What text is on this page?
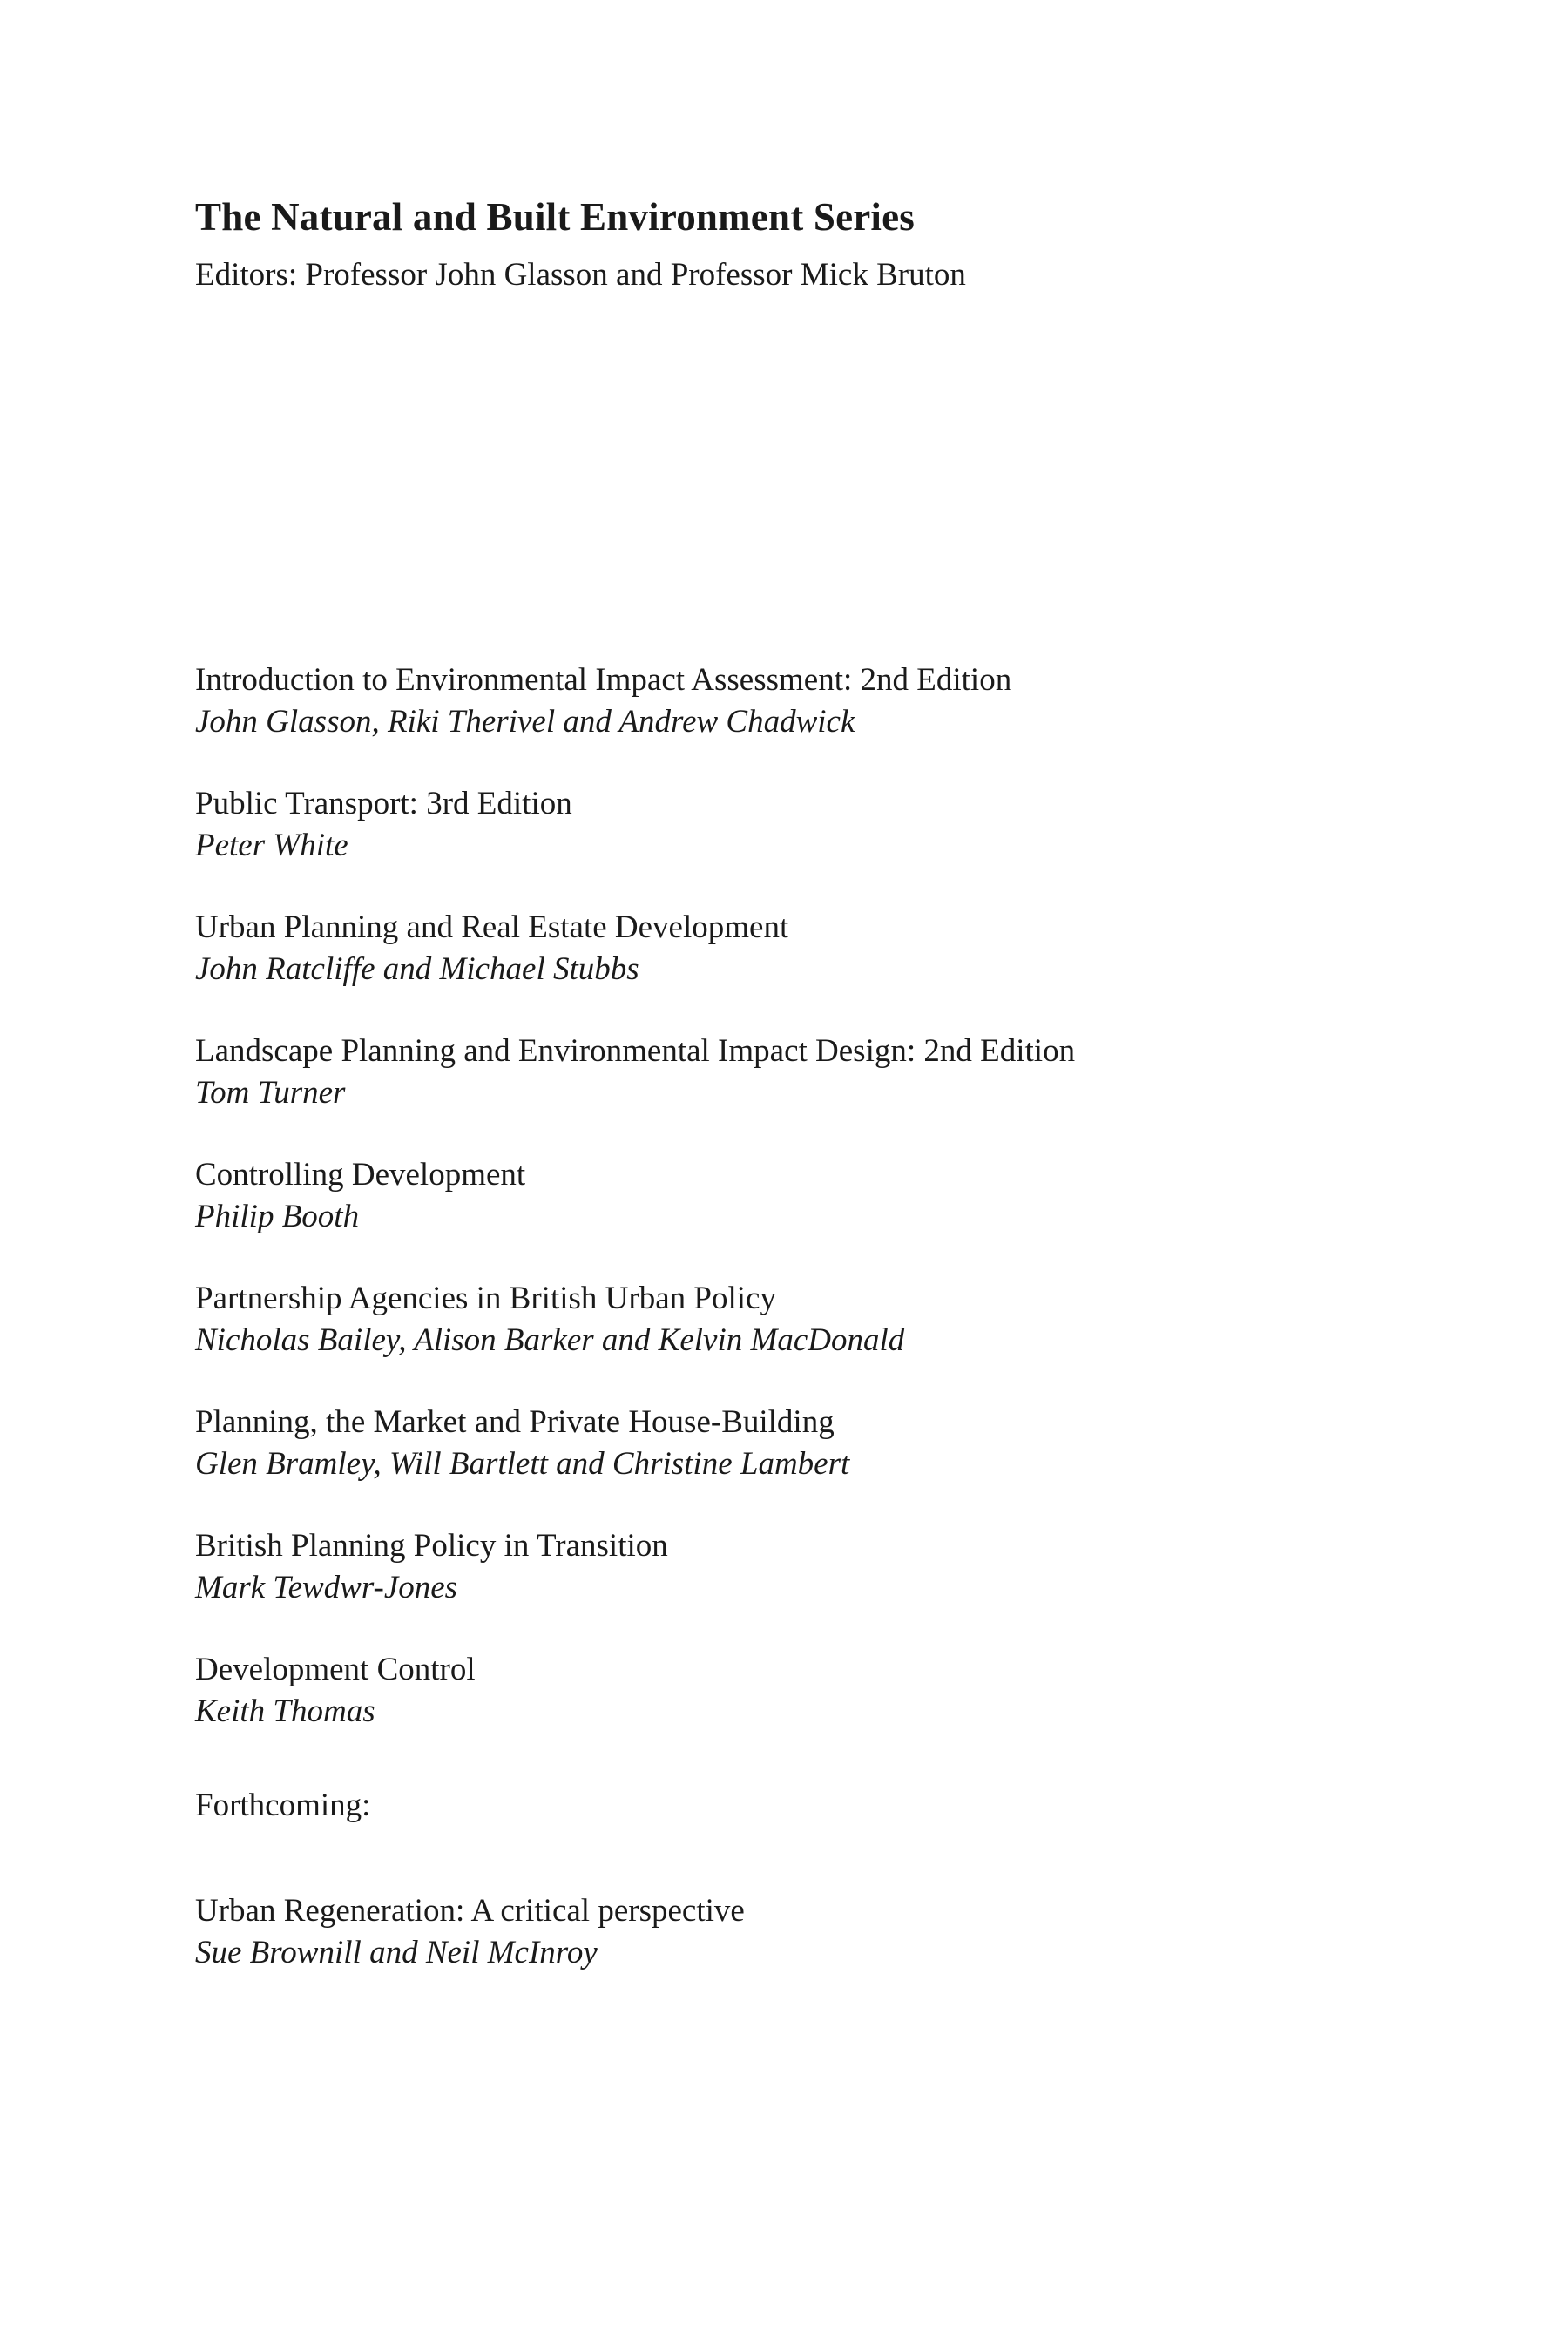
The Natural and Built Environment Series

Editors: Professor John Glasson and Professor Mick Bruton

Introduction to Environmental Impact Assessment: 2nd Edition
John Glasson, Riki Therivel and Andrew Chadwick
Public Transport: 3rd Edition
Peter White
Urban Planning and Real Estate Development
John Ratcliffe and Michael Stubbs
Landscape Planning and Environmental Impact Design: 2nd Edition
Tom Turner
Controlling Development
Philip Booth
Partnership Agencies in British Urban Policy
Nicholas Bailey, Alison Barker and Kelvin MacDonald
Planning, the Market and Private House-Building
Glen Bramley, Will Bartlett and Christine Lambert
British Planning Policy in Transition
Mark Tewdwr-Jones
Development Control
Keith Thomas
Forthcoming:
Urban Regeneration: A critical perspective
Sue Brownill and Neil McInroy
